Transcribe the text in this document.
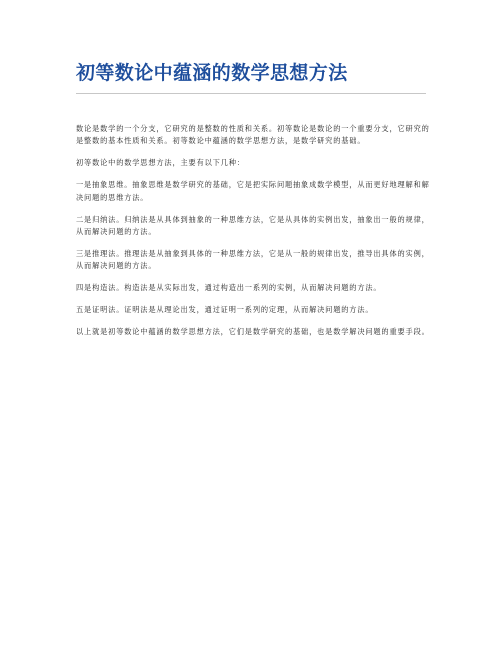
初等数论中蕴涵的数学思想方法

数论是数学的一个分支，它研究的是整数的性质和关系。初等数论是数论的一个重要分支，它研究的是整数的基本性质和关系。初等数论中蕴涵的数学思想方法，是数学研究的基础。

初等数论中的数学思想方法，主要有以下几种：

一是抽象思维。抽象思维是数学研究的基础，它是把实际问题抽象成数学模型，从而更好地理解和解决问题的思维方法。

二是归纳法。归纳法是从具体到抽象的一种思维方法，它是从具体的实例出发，抽象出一般的规律，从而解决问题的方法。

三是推理法。推理法是从抽象到具体的一种思维方法，它是从一般的规律出发，推导出具体的实例，从而解决问题的方法。

四是构造法。构造法是从实际出发，通过构造出一系列的实例，从而解决问题的方法。

五是证明法。证明法是从理论出发，通过证明一系列的定理，从而解决问题的方法。

以上就是初等数论中蕴涵的数学思想方法，它们是数学研究的基础，也是数学解决问题的重要手段。
